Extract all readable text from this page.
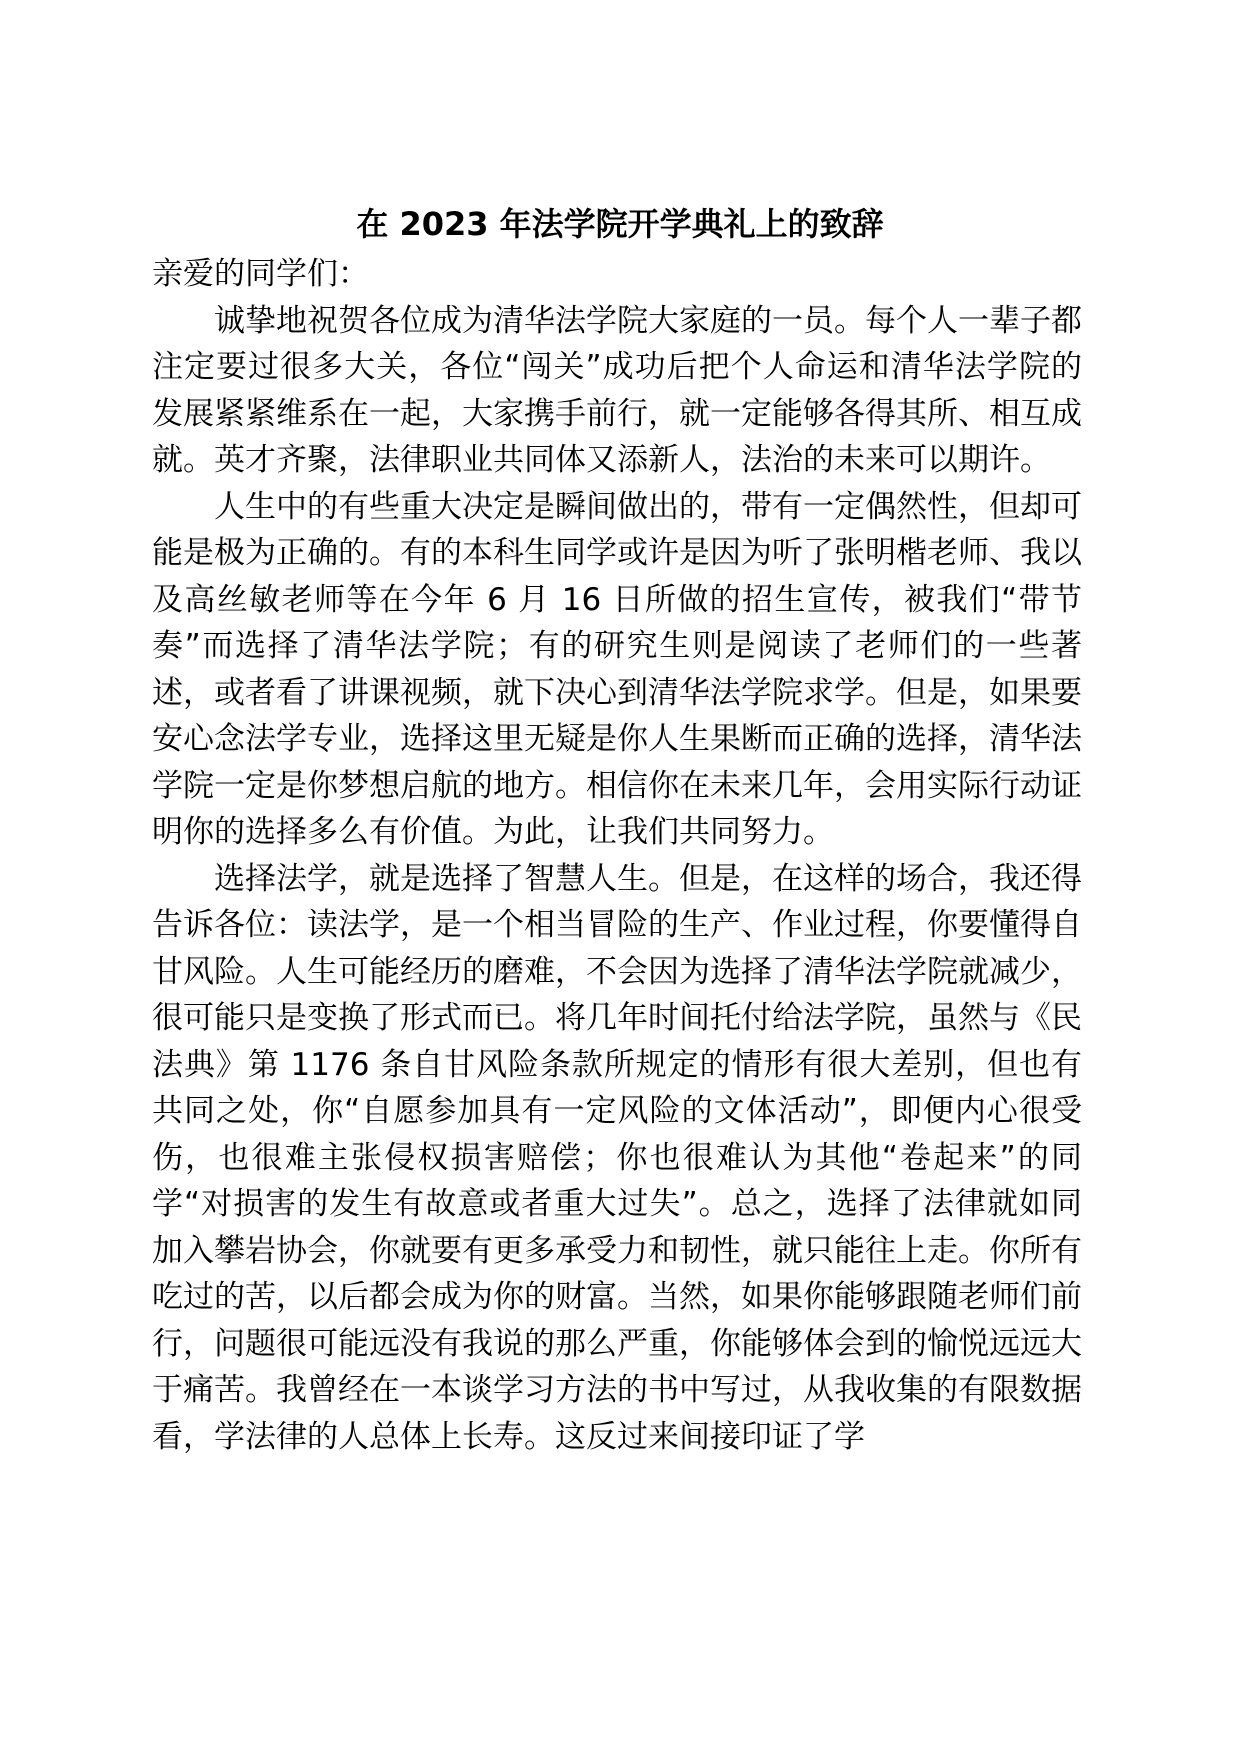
在 2023 年法学院开学典礼上的致辞

亲爱的同学们：

诚挚地祝贺各位成为清华法学院大家庭的一员。每个人一辈子都注定要过很多大关，各位“闯关”成功后把个人命运和清华法学院的发展紧紧维系在一起，大家携手前行，就一定能够各得其所、相互成就。英才齐聚，法律职业共同体又添新人，法治的未来可以期许。

人生中的有些重大决定是瞬间做出的，带有一定偶然性，但却可能是极为正确的。有的本科生同学或许是因为听了张明楷老师、我以及高丝敏老师等在今年 6 月 16 日所做的招生宣传，被我们“带节奏”而选择了清华法学院；有的研究生则是阅读了老师们的一些著述，或者看了讲课视频，就下决心到清华法学院求学。但是，如果要安心念法学专业，选择这里无疑是你人生果断而正确的选择，清华法学院一定是你梦想启航的地方。相信你在未来几年，会用实际行动证明你的选择多么有价值。为此，让我们共同努力。

选择法学，就是选择了智慧人生。但是，在这样的场合，我还得告诉各位：读法学，是一个相当冒险的生产、作业过程，你要懂得自甘风险。人生可能经历的磨难，不会因为选择了清华法学院就减少，很可能只是变换了形式而已。将几年时间托付给法学院，虽然与《民法典》第 1176 条自甘风险条款所规定的情形有很大差别，但也有共同之处，你“自愿参加具有一定风险的文体活动”，即便内心很受伤，也很难主张侵权损害赔偿；你也很难认为其他“卷起来”的同学“对损害的发生有故意或者重大过失”。总之，选择了法律就如同加入攀岩协会，你就要有更多承受力和韧性，就只能往上走。你所有吃过的苦，以后都会成为你的财富。当然，如果你能够跟随老师们前行，问题很可能远没有我说的那么严重，你能够体会到的愉悦远远大于痛苦。我曾经在一本谈学习方法的书中写过，从我收集的有限数据看，学法律的人总体上长寿。这反过来间接印证了学
